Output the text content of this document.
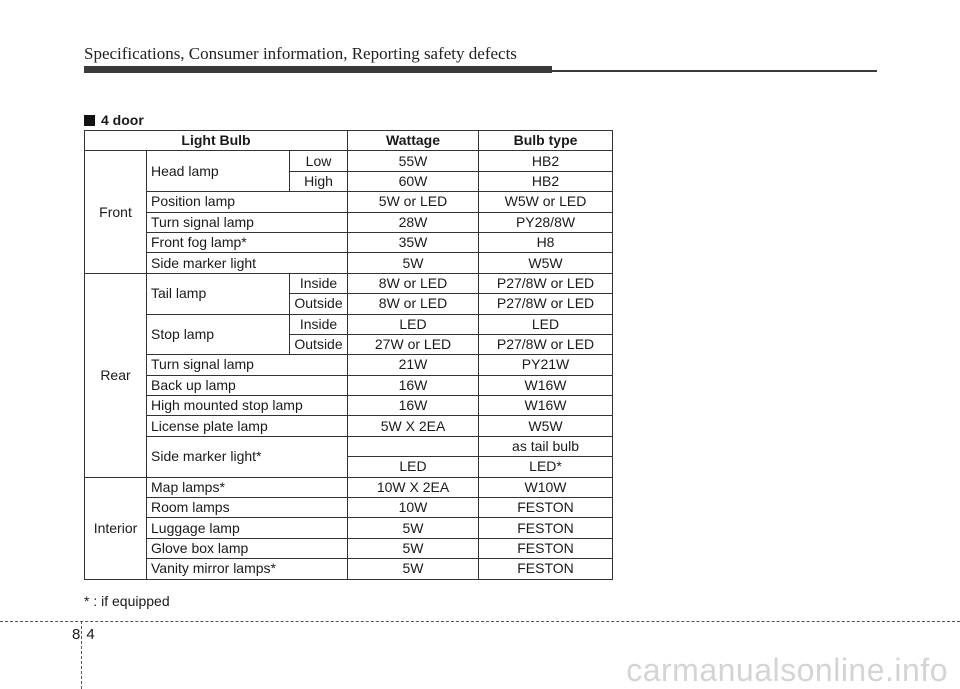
Specifications, Consumer information, Reporting safety defects
4 door
Light Bulb			Wattage	Bulb type
Front	Head lamp	Low	55W	HB2
		High	60W	HB2
	Position lamp		5W or LED	W5W or LED
	Turn signal lamp		28W	PY28/8W
	Front fog lamp*		35W	H8
	Side marker light		5W	W5W
Rear	Tail lamp	Inside	8W or LED	P27/8W or LED
		Outside	8W or LED	P27/8W or LED
	Stop lamp	Inside	LED	LED
		Outside	27W or LED	P27/8W or LED
	Turn signal lamp		21W	PY21W
	Back up lamp		16W	W16W
	High mounted stop lamp		16W	W16W
	License plate lamp		5W X 2EA	W5W
	Side marker light*			as tail bulb
			LED	LED*
Interior	Map lamps*		10W X 2EA	W10W
	Room lamps		10W	FESTON
	Luggage lamp		5W	FESTON
	Glove box lamp		5W	FESTON
	Vanity mirror lamps*		5W	FESTON
* : if equipped
84
carmanualsonline.info
